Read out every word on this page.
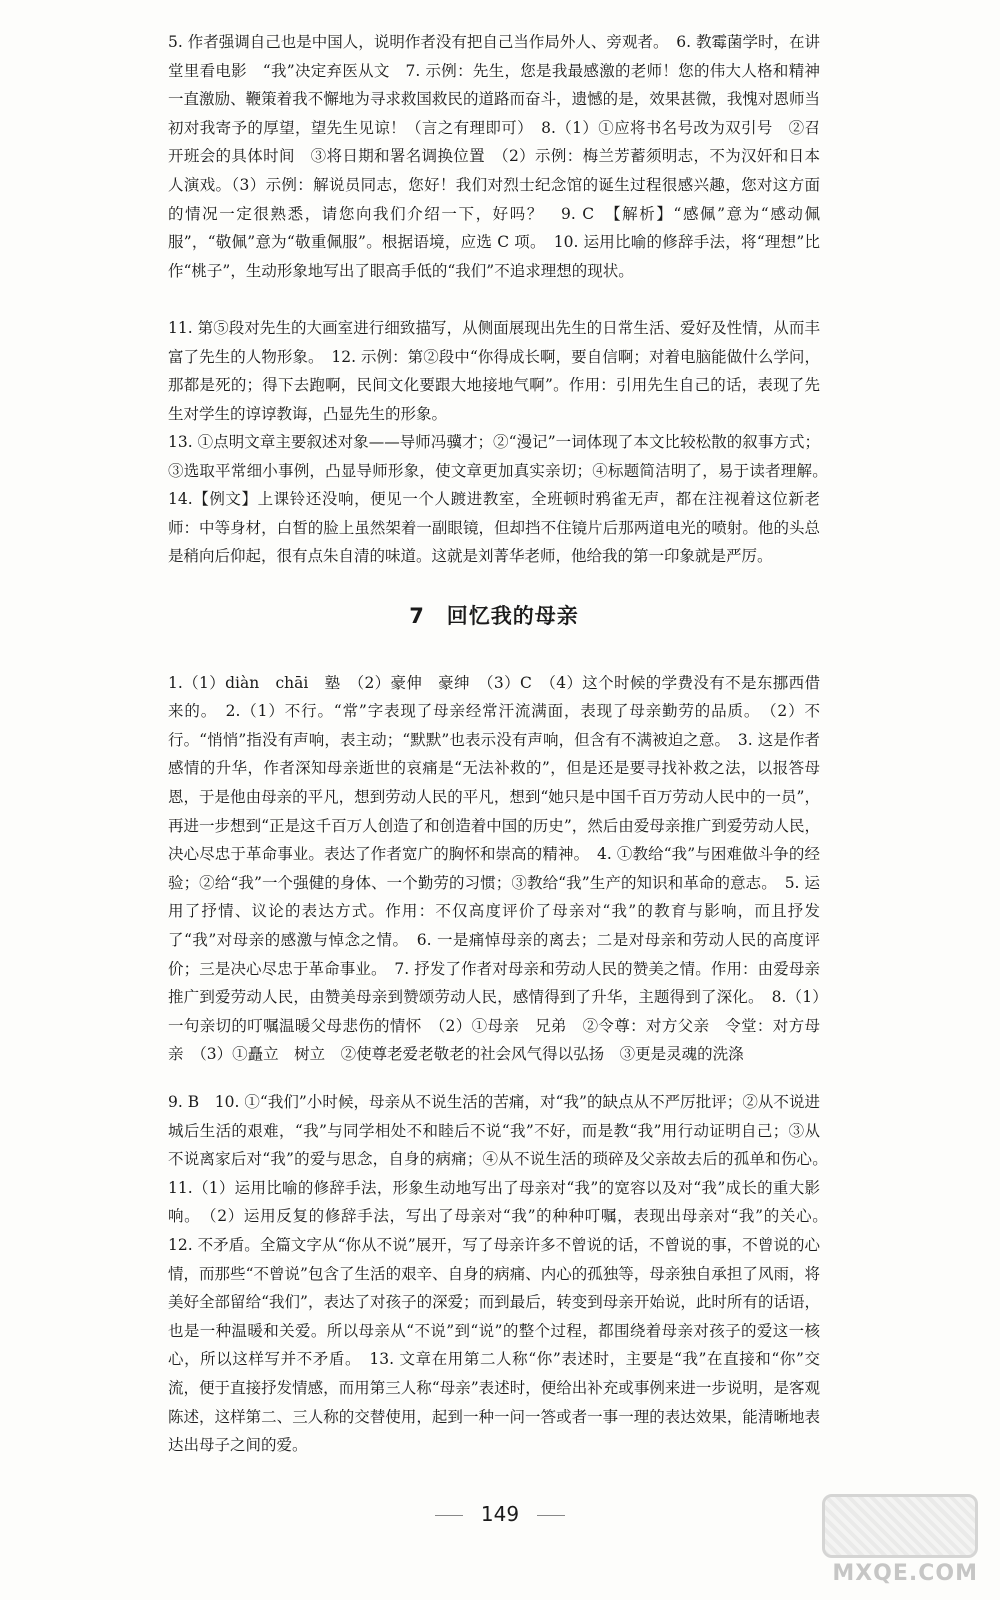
5. 作者强调自己也是中国人，说明作者没有把自己当作局外人、旁观者。　6. 教霉菌学时，在讲堂里看电影　“我”决定弃医从文　7. 示例：先生，您是我最感激的老师！您的伟大人格和精神一直激励、鞭策着我不懈地为寻求救国救民的道路而奋斗，遗憾的是，效果甚微，我愧对恩师当初对我寄予的厚望，望先生见谅！（言之有理即可）　8.（1）①应将书名号改为双引号　②召开班会的具体时间　③将日期和署名调换位置　（2）示例：梅兰芳蓄须明志，不为汉奸和日本人演戏。（3）示例：解说员同志，您好！我们对烈士纪念馆的诞生过程很感兴趣，您对这方面的情况一定很熟悉，请您向我们介绍一下，好吗？　9. C　【解析】“感佩”意为“感动佩服”，“敬佩”意为“敬重佩服”。根据语境，应选 C 项。　10. 运用比喻的修辞手法，将“理想”比作“桃子”，生动形象地写出了眼高手低的“我们”不追求理想的现状。
11. 第⑤段对先生的大画室进行细致描写，从侧面展现出先生的日常生活、爱好及性情，从而丰富了先生的人物形象。　12. 示例：第②段中“你得成长啊，要自信啊；对着电脑能做什么学问，那都是死的；得下去跑啊，民间文化要跟大地接地气啊”。作用：引用先生自己的话，表现了先生对学生的谆谆教诲，凸显先生的形象。
13. ①点明文章主要叙述对象——导师冯骥才；②“漫记”一词体现了本文比较松散的叙事方式；③选取平常细小事例，凸显导师形象，使文章更加真实亲切；④标题简洁明了，易于读者理解。　14.【例文】上课铃还没响，便见一个人踱进教室，全班顿时鸦雀无声，都在注视着这位新老师：中等身材，白皙的脸上虽然架着一副眼镜，但却挡不住镜片后那两道电光的喷射。他的头总是稍向后仰起，很有点朱自清的味道。这就是刘菁华老师，他给我的第一印象就是严厉。
7　回忆我的母亲

1.（1）diàn　chāi　塾　（2）豪伸　豪绅　（3）C　（4）这个时候的学费没有不是东挪西借来的。　2.（1）不行。“常”字表现了母亲经常汗流满面，表现了母亲勤劳的品质。　（2）不行。“悄悄”指没有声响，表主动；“默默”也表示没有声响，但含有不满被迫之意。　3. 这是作者感情的升华，作者深知母亲逝世的哀痛是“无法补救的”，但是还是要寻找补救之法，以报答母恩，于是他由母亲的平凡，想到劳动人民的平凡，想到“她只是中国千百万劳动人民中的一员”，再进一步想到“正是这千百万人创造了和创造着中国的历史”，然后由爱母亲推广到爱劳动人民，决心尽忠于革命事业。表达了作者宽广的胸怀和崇高的精神。　4. ①教给“我”与困难做斗争的经验；②给“我”一个强健的身体、一个勤劳的习惯；③教给“我”生产的知识和革命的意志。　5. 运用了抒情、议论的表达方式。作用：不仅高度评价了母亲对“我”的教育与影响，而且抒发了“我”对母亲的感激与悼念之情。　6. 一是痛悼母亲的离去；二是对母亲和劳动人民的高度评价；三是决心尽忠于革命事业。　7. 抒发了作者对母亲和劳动人民的赞美之情。作用：由爱母亲推广到爱劳动人民，由赞美母亲到赞颂劳动人民，感情得到了升华，主题得到了深化。　8.（1）一句亲切的叮嘱温暖父母悲伤的情怀　（2）①母亲　兄弟　②令尊：对方父亲　令堂：对方母亲　（3）①矗立　树立　②使尊老爱老敬老的社会风气得以弘扬　③更是灵魂的洗涤

9. B　10. ①“我们”小时候，母亲从不说生活的苦痛，对“我”的缺点从不严厉批评；②从不说进城后生活的艰难，“我”与同学相处不和睦后不说“我”不好，而是教“我”用行动证明自己；③从不说离家后对“我”的爱与思念，自身的病痛；④从不说生活的琐碎及父亲故去后的孤单和伤心。　11.（1）运用比喻的修辞手法，形象生动地写出了母亲对“我”的宽容以及对“我”成长的重大影响。　（2）运用反复的修辞手法，写出了母亲对“我”的种种叮嘱，表现出母亲对“我”的关心。　12. 不矛盾。全篇文字从“你从不说”展开，写了母亲许多不曾说的话，不曾说的事，不曾说的心情，而那些“不曾说”包含了生活的艰辛、自身的病痛、内心的孤独等，母亲独自承担了风雨，将美好全部留给“我们”，表达了对孩子的深爱；而到最后，转变到母亲开始说，此时所有的话语，也是一种温暖和关爱。所以母亲从“不说”到“说”的整个过程，都围绕着母亲对孩子的爱这一核心，所以这样写并不矛盾。　13. 文章在用第二人称“你”表述时，主要是“我”在直接和“你”交流，便于直接抒发情感，而用第三人称“母亲”表述时，便给出补充或事例来进一步说明，是客观陈述，这样第二、三人称的交替使用，起到一种一问一答或者一事一理的表达效果，能清晰地表达出母子之间的爱。
149
MXQE.COM
